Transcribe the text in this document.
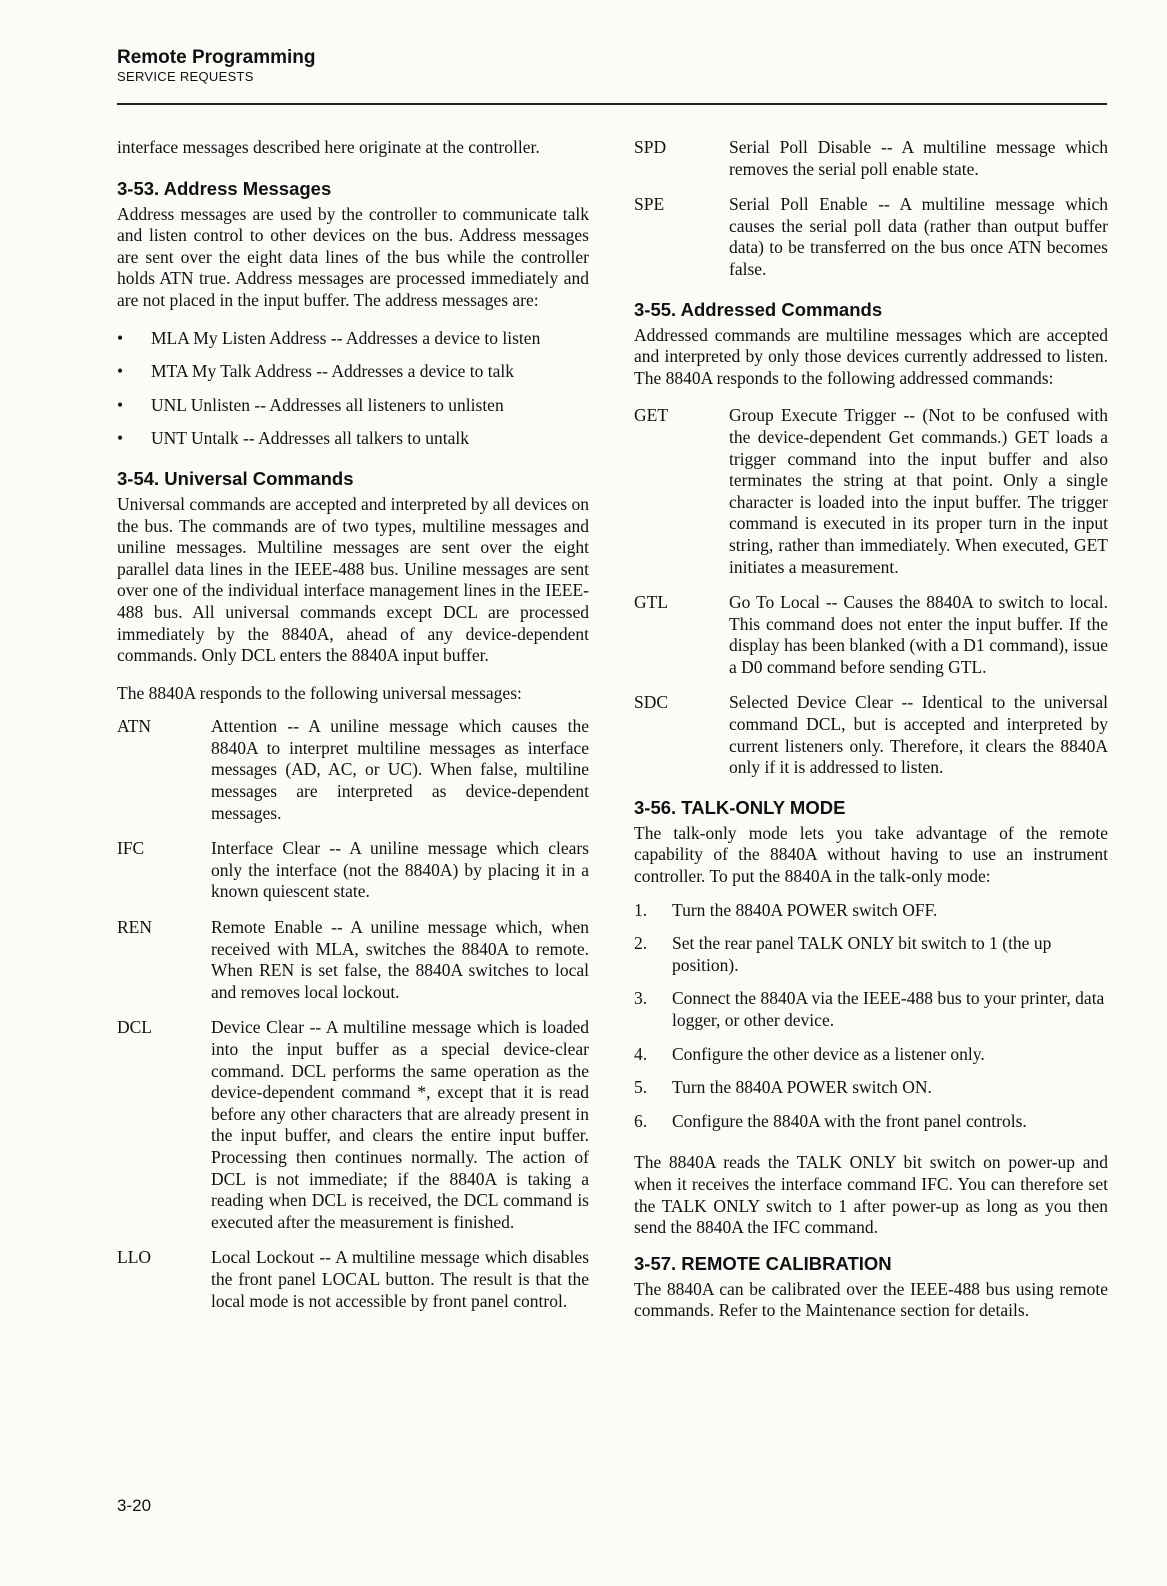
Remote Programming
SERVICE REQUESTS

interface messages described here originate at the controller.

3-53. Address Messages

Address messages are used by the controller to communicate talk and listen control to other devices on the bus. Address messages are sent over the eight data lines of the bus while the controller holds ATN true. Address messages are processed immediately and are not placed in the input buffer. The address messages are:

• MLA My Listen Address -- Addresses a device to listen
• MTA My Talk Address -- Addresses a device to talk
• UNL Unlisten -- Addresses all listeners to unlisten
• UNT Untalk -- Addresses all talkers to untalk
3-54. Universal Commands

Universal commands are accepted and interpreted by all devices on the bus. The commands are of two types, multiline messages and uniline messages. Multiline messages are sent over the eight parallel data lines in the IEEE-488 bus. Uniline messages are sent over one of the individual interface management lines in the IEEE-488 bus. All universal commands except DCL are processed immediately by the 8840A, ahead of any device-dependent commands. Only DCL enters the 8840A input buffer.

The 8840A responds to the following universal messages:

ATN	Attention -- A uniline message which causes the 8840A to interpret multiline messages as interface messages (AD, AC, or UC). When false, multiline messages are interpreted as device-dependent messages.
IFC	Interface Clear -- A uniline message which clears only the interface (not the 8840A) by placing it in a known quiescent state.
REN	Remote Enable -- A uniline message which, when received with MLA, switches the 8840A to remote. When REN is set false, the 8840A switches to local and removes local lockout.
DCL	Device Clear -- A multiline message which is loaded into the input buffer as a special device-clear command. DCL performs the same operation as the device-dependent command *, except that it is read before any other characters that are already present in the input buffer, and clears the entire input buffer. Processing then continues normally. The action of DCL is not immediate; if the 8840A is taking a reading when DCL is received, the DCL command is executed after the measurement is finished.
LLO	Local Lockout -- A multiline message which disables the front panel LOCAL button. The result is that the local mode is not accessible by front panel control.
SPD	Serial Poll Disable -- A multiline message which removes the serial poll enable state.
SPE	Serial Poll Enable -- A multiline message which causes the serial poll data (rather than output buffer data) to be transferred on the bus once ATN becomes false.
3-55. Addressed Commands

Addressed commands are multiline messages which are accepted and interpreted by only those devices currently addressed to listen. The 8840A responds to the following addressed commands:

GET	Group Execute Trigger -- (Not to be confused with the device-dependent Get commands.) GET loads a trigger command into the input buffer and also terminates the string at that point. Only a single character is loaded into the input buffer. The trigger command is executed in its proper turn in the input string, rather than immediately. When executed, GET initiates a measurement.
GTL	Go To Local -- Causes the 8840A to switch to local. This command does not enter the input buffer. If the display has been blanked (with a D1 command), issue a D0 command before sending GTL.
SDC	Selected Device Clear -- Identical to the universal command DCL, but is accepted and interpreted by current listeners only. Therefore, it clears the 8840A only if it is addressed to listen.
3-56. TALK-ONLY MODE

The talk-only mode lets you take advantage of the remote capability of the 8840A without having to use an instrument controller. To put the 8840A in the talk-only mode:

1.	Turn the 8840A POWER switch OFF.
2.	Set the rear panel TALK ONLY bit switch to 1 (the up position).
3.	Connect the 8840A via the IEEE-488 bus to your printer, data logger, or other device.
4.	Configure the other device as a listener only.
5.	Turn the 8840A POWER switch ON.
6.	Configure the 8840A with the front panel controls.

The 8840A reads the TALK ONLY bit switch on power-up and when it receives the interface command IFC. You can therefore set the TALK ONLY switch to 1 after power-up as long as you then send the 8840A the IFC command.

3-57. REMOTE CALIBRATION

The 8840A can be calibrated over the IEEE-488 bus using remote commands. Refer to the Maintenance section for details.

3-20
